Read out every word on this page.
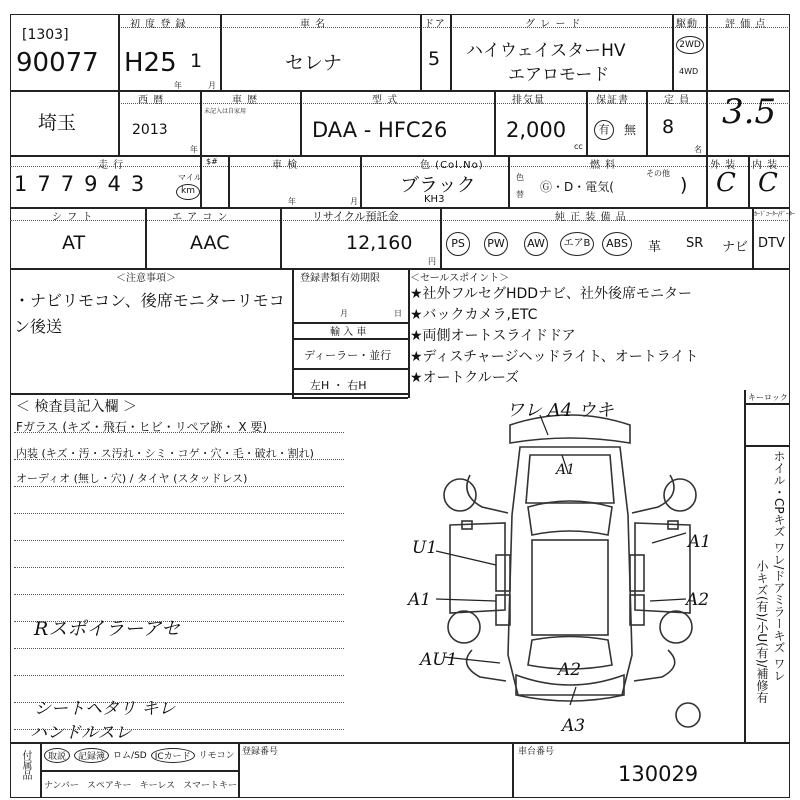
[1303]
90077
初 度 登 録
H25 1
年	月
車 名
セレナ
ドア
5
グ レ ー ド
ハイウェイスターHV
エアロモード
駆動
2WD
4WD
評 価 点
3.5
埼玉
西 暦
2013
年
車 歴
未記入は自家用
型 式
DAA - HFC26
排気量
2,000
cc
保証書
有	無
定 員
8
名
走 行
1 7 7 9 4 3	マイル
km
$#	車 検
年	月
色 (Col.No)
ブラック
KH3
色
替
燃 料
Ⓖ・D・電気(
その他
)
外 装
C
内 装
C
シ フ ト
AT
エ ア コ ン
AAC
リサイクル預託金
12,160
円
純 正 装 備 品	ｶｰﾄﾞｺｰﾀｰ/ﾃﾞｰﾀｰ
PS	PW AW	エアB	ABS	革 SR ナビ DTV
＜注意事項＞
・ナビリモコン、後席モニターリモコン後送
登録書類有効期限
月	日
輸 入 車
ディーラー・並行
左H ・ 右H
＜セールスポイント＞
★社外フルセグHDDナビ、社外後席モニター
★バックカメラ,ETC
★両側オートスライドドア
★ディスチャージヘッドライト、オートライト
★オートクルーズ
＜ 検査員記入欄 ＞
Fガラス (キズ・飛石・ヒビ・リペア跡・ X 要)
内装 (キズ・汚・ス汚れ・シミ・コゲ・穴・毛・破れ・割れ)
オーディオ (無し・穴) / タイヤ (スタッドレス)
Rスポイラーアセ
シートヘタリ キレ
ハンドルスレ
ワレ A4 ウキ
A1
U1	A1
A1	A2
AU1	A2
A3
キーロック
ホイル・CPキズ ワレ/ドアミラーキズ ワレ
小キズ(有)/小U(有)/補修有
付属品	取説	記録簿 ロム/SD ICカード リモコン
ナンバー スペアキー キーレス スマートキー
登録番号	車台番号
130029
